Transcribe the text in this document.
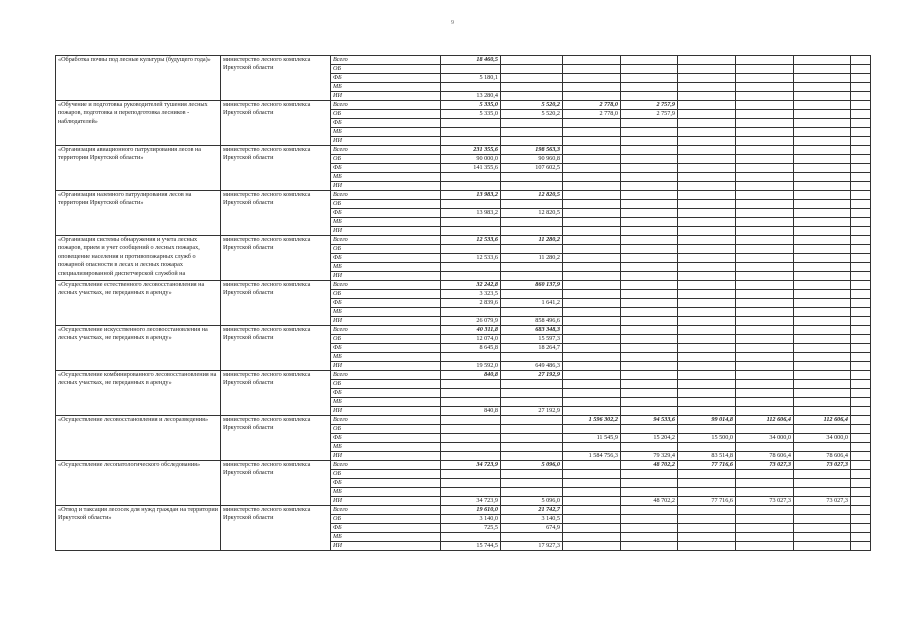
9
«Обработка почвы под лесные культуры (будущего года)»	министерство лесного комплекса Иркутской области	Всего	18 460,5							
		ОБ								
		ФБ	5 180,1							
		МБ								
		ИИ	13 280,4							
«Обучение и подготовка руководителей тушения лесных пожаров, подготовка и переподготовка лесников - наблюдателей»	министерство лесного комплекса Иркутской области	Всего	5 335,0	5 520,2	2 778,0	2 757,9				
		ОБ	5 335,0	5 520,2	2 778,0	2 757,9				
		ФБ								
		МБ								
		ИИ								
«Организация авиационного патрулирования лесов на территории Иркутской области»	министерство лесного комплекса Иркутской области	Всего	231 355,6	198 563,3						
		ОБ	90 000,0	90 960,8						
		ФБ	141 355,6	107 602,5						
		МБ								
		ИИ								
«Организация наземного патрулирования лесов на территории Иркутской области»	министерство лесного комплекса Иркутской области	Всего	13 983,2	12 820,5						
		ОБ								
		ФБ	13 983,2	12 820,5						
		МБ								
		ИИ								
«Организация системы обнаружения и учета лесных пожаров, прием и учет сообщений о лесных пожарах, оповещение населения и противопожарных служб о пожарной опасности в лесах и лесных пожарах специализированной диспетчерской службой на	министерство лесного комплекса Иркутской области	Всего	12 533,6	11 280,2						
		ОБ								
		ФБ	12 533,6	11 280,2						
		МБ								
		ИИ								
«Осуществление естественного лесовосстановления на лесных участках, не переданных в аренду»	министерство лесного комплекса Иркутской области	Всего	32 242,8	860 137,9						
		ОБ	3 323,5							
		ФБ	2 839,6	1 641,2						
		МБ								
		ИИ	26 079,9	858 496,6						
«Осуществление искусственного лесовосстановления на лесных участках, не переданных в аренду»	министерство лесного комплекса Иркутской области	Всего	40 311,8	683 348,3						
		ОБ	12 074,0	15 597,3						
		ФБ	8 645,8	18 264,7						
		МБ								
		ИИ	19 592,0	649 486,3						
«Осуществление комбинированного лесовосстановления на лесных участках, не переданных в аренду»	министерство лесного комплекса Иркутской области	Всего	840,8	27 192,9						
		ОБ								
		ФБ								
		МБ								
		ИИ	840,8	27 192,9						
«Осуществление лесовосстановления и лесоразведения»	министерство лесного комплекса Иркутской области	Всего			1 596 302,2	94 533,6	99 014,8	112 606,4	112 606,4	
		ОБ								
		ФБ			11 545,9	15 204,2	15 500,0	34 000,0	34 000,0	
		МБ								
		ИИ			1 584 756,3	79 329,4	83 514,8	78 606,4	78 606,4	
«Осуществление лесопатологического обследования»	министерство лесного комплекса Иркутской области	Всего	34 723,9	5 096,0		48 702,2	77 716,6	73 027,3	73 027,3	
		ОБ								
		ФБ								
		МБ								
		ИИ	34 723,9	5 096,0		48 702,2	77 716,6	73 027,3	73 027,3	
«Отвод и таксация лесосек для нужд граждан на территории Иркутской области»	министерство лесного комплекса Иркутской области	Всего	19 610,0	21 742,7						
		ОБ	3 140,0	3 140,5						
		ФБ	725,5	674,9						
		МБ								
		ИИ	15 744,5	17 927,3						
